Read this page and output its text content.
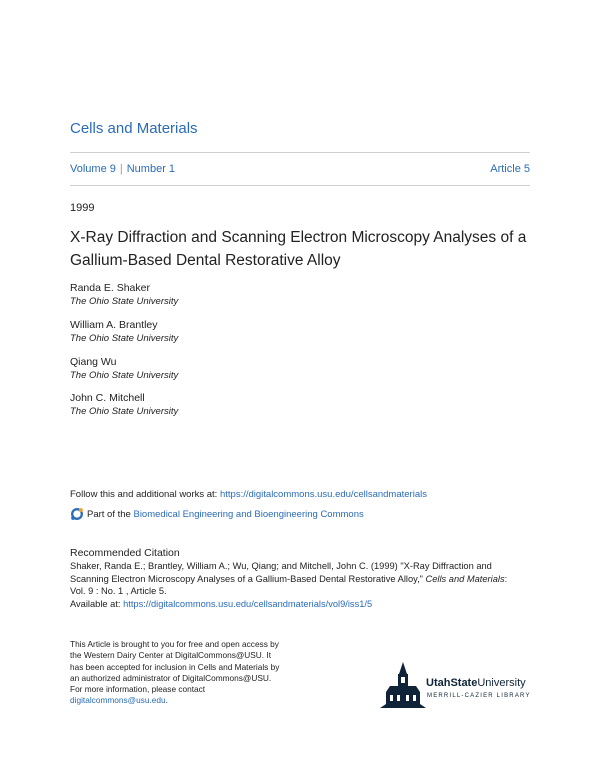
Cells and Materials
Volume 9 | Number 1	Article 5
1999
X-Ray Diffraction and Scanning Electron Microscopy Analyses of a
Gallium-Based Dental Restorative Alloy
Randa E. Shaker
The Ohio State University
William A. Brantley
The Ohio State University
Qiang Wu
The Ohio State University
John C. Mitchell
The Ohio State University
Follow this and additional works at: https://digitalcommons.usu.edu/cellsandmaterials
Part of the
Biomedical Engineering and Bioengineering Commons
Recommended Citation
Shaker, Randa E.; Brantley, William A.; Wu, Qiang; and Mitchell, John C. (1999) "X-Ray Diffraction and
Scanning Electron Microscopy Analyses of a Gallium-Based Dental Restorative Alloy," Cells and Materials:
Vol. 9 : No. 1 , Article 5.
Available at: https://digitalcommons.usu.edu/cellsandmaterials/vol9/iss1/5
This Article is brought to you for free and open access by
the Western Dairy Center at DigitalCommons@USU. It
has been accepted for inclusion in Cells and Materials by
an authorized administrator of DigitalCommons@USU.
For more information, please contact
digitalcommons@usu.edu.
UtahStateUniversity
MERRILL-CAZIER LIBRARY
